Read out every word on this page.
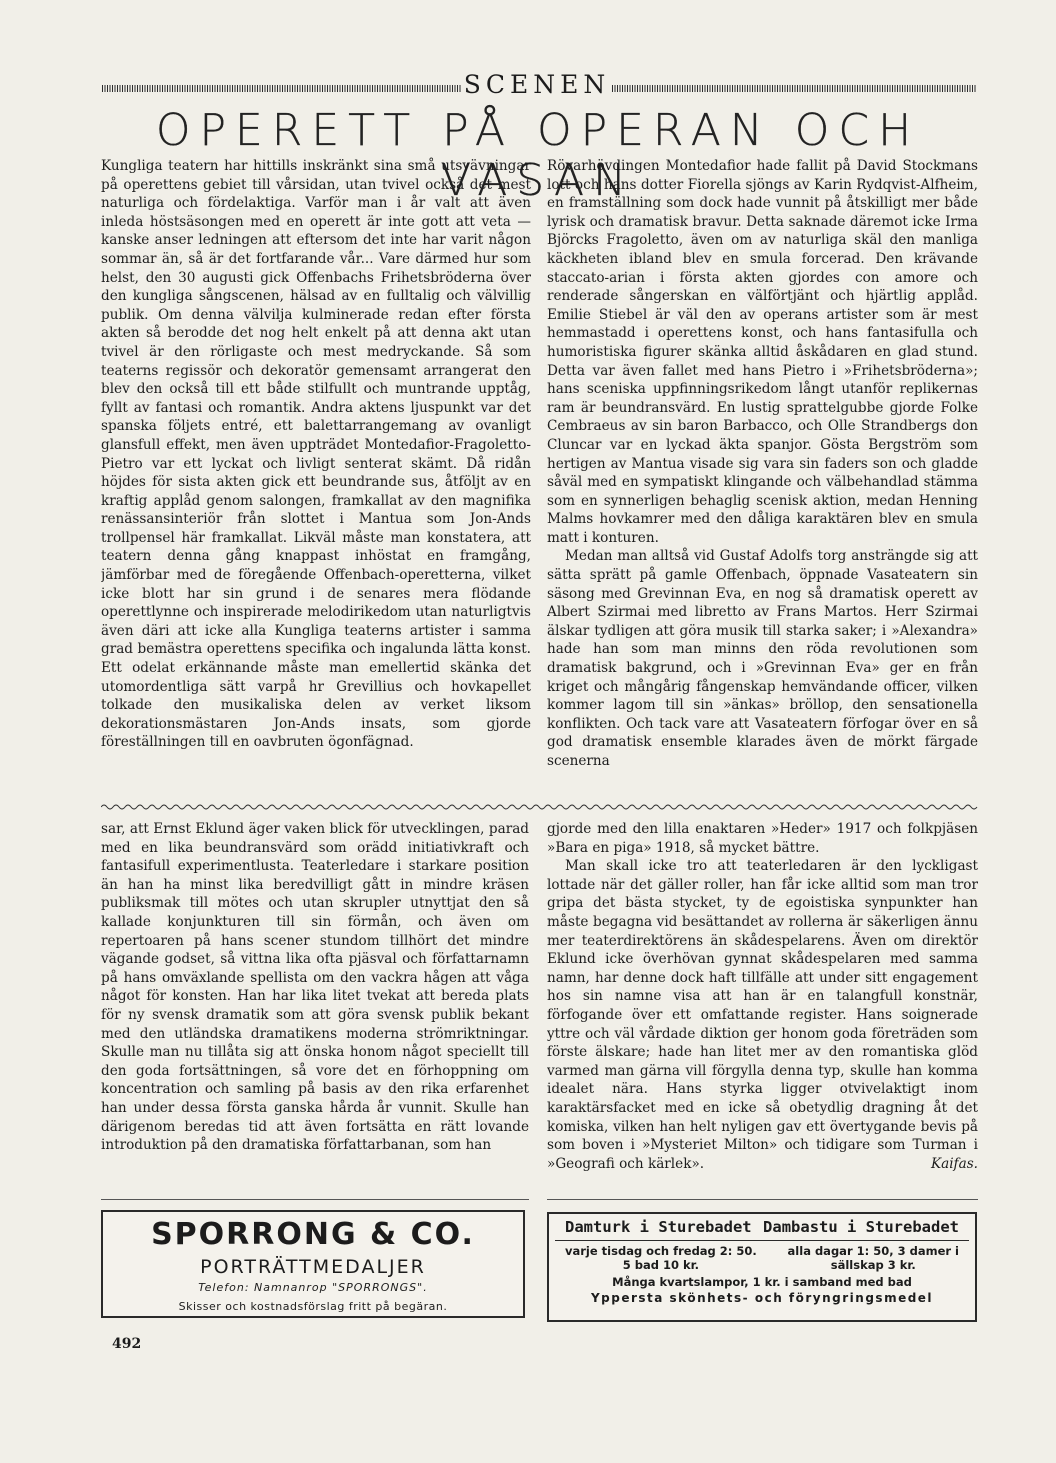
SCENEN
OPERETT PÅ OPERAN OCH VASAN

Kungliga teatern har hittills inskränkt sina små utsvävningar på operettens gebiet till vårsidan, utan tvivel också det mest naturliga och fördelaktiga. Varför man i år valt att även inleda höstsäsongen med en operett är inte gott att veta — kanske anser ledningen att eftersom det inte har varit någon sommar än, så är det fortfarande vår... Vare därmed hur som helst, den 30 augusti gick Offenbachs Frihetsbröderna över den kungliga sångscenen, hälsad av en fulltalig och välvillig publik. Om denna välvilja kulminerade redan efter första akten så berodde det nog helt enkelt på att denna akt utan tvivel är den rörligaste och mest medryckande. Så som teaterns regissör och dekoratör gemensamt arrangerat den blev den också till ett både stilfullt och muntrande upptåg, fyllt av fantasi och romantik. Andra aktens ljuspunkt var det spanska följets entré, ett balettarrangemang av ovanligt glansfull effekt, men även uppträdet Montedafior-Fragoletto-Pietro var ett lyckat och livligt senterat skämt. Då ridån höjdes för sista akten gick ett beundrande sus, åtföljt av en kraftig applåd genom salongen, framkallat av den magnifika renässansinteriör från slottet i Mantua som Jon-Ands trollpensel här framkallat. Likväl måste man konstatera, att teatern denna gång knappast inhöstat en framgång, jämförbar med de föregående Offenbach-operetterna, vilket icke blott har sin grund i de senares mera flödande operettlynne och inspirerade melodirikedom utan naturligtvis även däri att icke alla Kungliga teaterns artister i samma grad bemästra operettens specifika och ingalunda lätta konst. Ett odelat erkännande måste man emellertid skänka det utomordentliga sätt varpå hr Grevillius och hovkapellet tolkade den musikaliska delen av verket liksom dekorationsmästaren Jon-Ands insats, som gjorde föreställningen till en oavbruten ögonfägnad.

Rövarhövdingen Montedafior hade fallit på David Stockmans lott och hans dotter Fiorella sjöngs av Karin Rydqvist-Alfheim, en framställning som dock hade vunnit på åtskilligt mer både lyrisk och dramatisk bravur. Detta saknade däremot icke Irma Björcks Fragoletto, även om av naturliga skäl den manliga käckheten ibland blev en smula forcerad. Den krävande staccato-arian i första akten gjordes con amore och renderade sångerskan en välförtjänt och hjärtlig applåd. Emilie Stiebel är väl den av operans artister som är mest hemmastadd i operettens konst, och hans fantasifulla och humoristiska figurer skänka alltid åskådaren en glad stund. Detta var även fallet med hans Pietro i »Frihetsbröderna»; hans sceniska uppfinningsrikedom långt utanför replikernas ram är beundransvärd. En lustig sprattelgubbe gjorde Folke Cembraeus av sin baron Barbacco, och Olle Strandbergs don Cluncar var en lyckad äkta spanjor. Gösta Bergström som hertigen av Mantua visade sig vara sin faders son och gladde såväl med en sympatiskt klingande och välbehandlad stämma som en synnerligen behaglig scenisk aktion, medan Henning Malms hovkamrer med den dåliga karaktären blev en smula matt i konturen.

Medan man alltså vid Gustaf Adolfs torg ansträngde sig att sätta sprätt på gamle Offenbach, öppnade Vasateatern sin säsong med Grevinnan Eva, en nog så dramatisk operett av Albert Szirmai med libretto av Frans Martos. Herr Szirmai älskar tydligen att göra musik till starka saker; i »Alexandra» hade han som man minns den röda revolutionen som dramatisk bakgrund, och i »Grevinnan Eva» ger en från kriget och mångårig fångenskap hemvändande officer, vilken kommer lagom till sin »änkas» bröllop, den sensationella konflikten. Och tack vare att Vasateatern förfogar över en så god dramatisk ensemble klarades även de mörkt färgade scenerna

sar, att Ernst Eklund äger vaken blick för utvecklingen, parad med en lika beundransvärd som orädd initiativkraft och fantasifull experimentlusta. Teaterledare i starkare position än han ha minst lika beredvilligt gått in mindre kräsen publiksmak till mötes och utan skrupler utnyttjat den så kallade konjunkturen till sin förmån, och även om repertoaren på hans scener stundom tillhört det mindre vägande godset, så vittna lika ofta pjäsval och författarnamn på hans omväxlande spellista om den vackra hågen att våga något för konsten. Han har lika litet tvekat att bereda plats för ny svensk dramatik som att göra svensk publik bekant med den utländska dramatikens moderna strömriktningar. Skulle man nu tillåta sig att önska honom något speciellt till den goda fortsättningen, så vore det en förhoppning om koncentration och samling på basis av den rika erfarenhet han under dessa första ganska hårda år vunnit. Skulle han därigenom beredas tid att även fortsätta en rätt lovande introduktion på den dramatiska författarbanan, som han

gjorde med den lilla enaktaren »Heder» 1917 och folkpjäsen »Bara en piga» 1918, så mycket bättre.

Man skall icke tro att teaterledaren är den lyckligast lottade när det gäller roller, han får icke alltid som man tror gripa det bästa stycket, ty de egoistiska synpunkter han måste begagna vid besättandet av rollerna är säkerligen ännu mer teaterdirektörens än skådespelarens. Även om direktör Eklund icke överhövan gynnat skådespelaren med samma namn, har denne dock haft tillfälle att under sitt engagement hos sin namne visa att han är en talangfull konstnär, förfogande över ett omfattande register. Hans soignerade yttre och väl vårdade diktion ger honom goda företräden som förste älskare; hade han litet mer av den romantiska glöd varmed man gärna vill förgylla denna typ, skulle han komma idealet nära. Hans styrka ligger otvivelaktigt inom karaktärsfacket med en icke så obetydlig dragning åt det komiska, vilken han helt nyligen gav ett övertygande bevis på som boven i »Mysteriet Milton» och tidigare som Turman i »Geografi och kärlek».	Kaifas.
SPORRONG & CO.
PORTRÄTTMEDALJER
Telefon: Namnanrop "SPORRONGS".
Skisser och kostnadsförslag fritt på begäran.
Damturk i Sturebadet Dambastu i Sturebadet
varje tisdag och fredag 2: 50.
5 bad 10 kr.
alla dagar 1: 50, 3 damer i
sällskap 3 kr.
Många kvartslampor, 1 kr. i samband med bad
Yppersta skönhets- och föryngringsmedel
492
